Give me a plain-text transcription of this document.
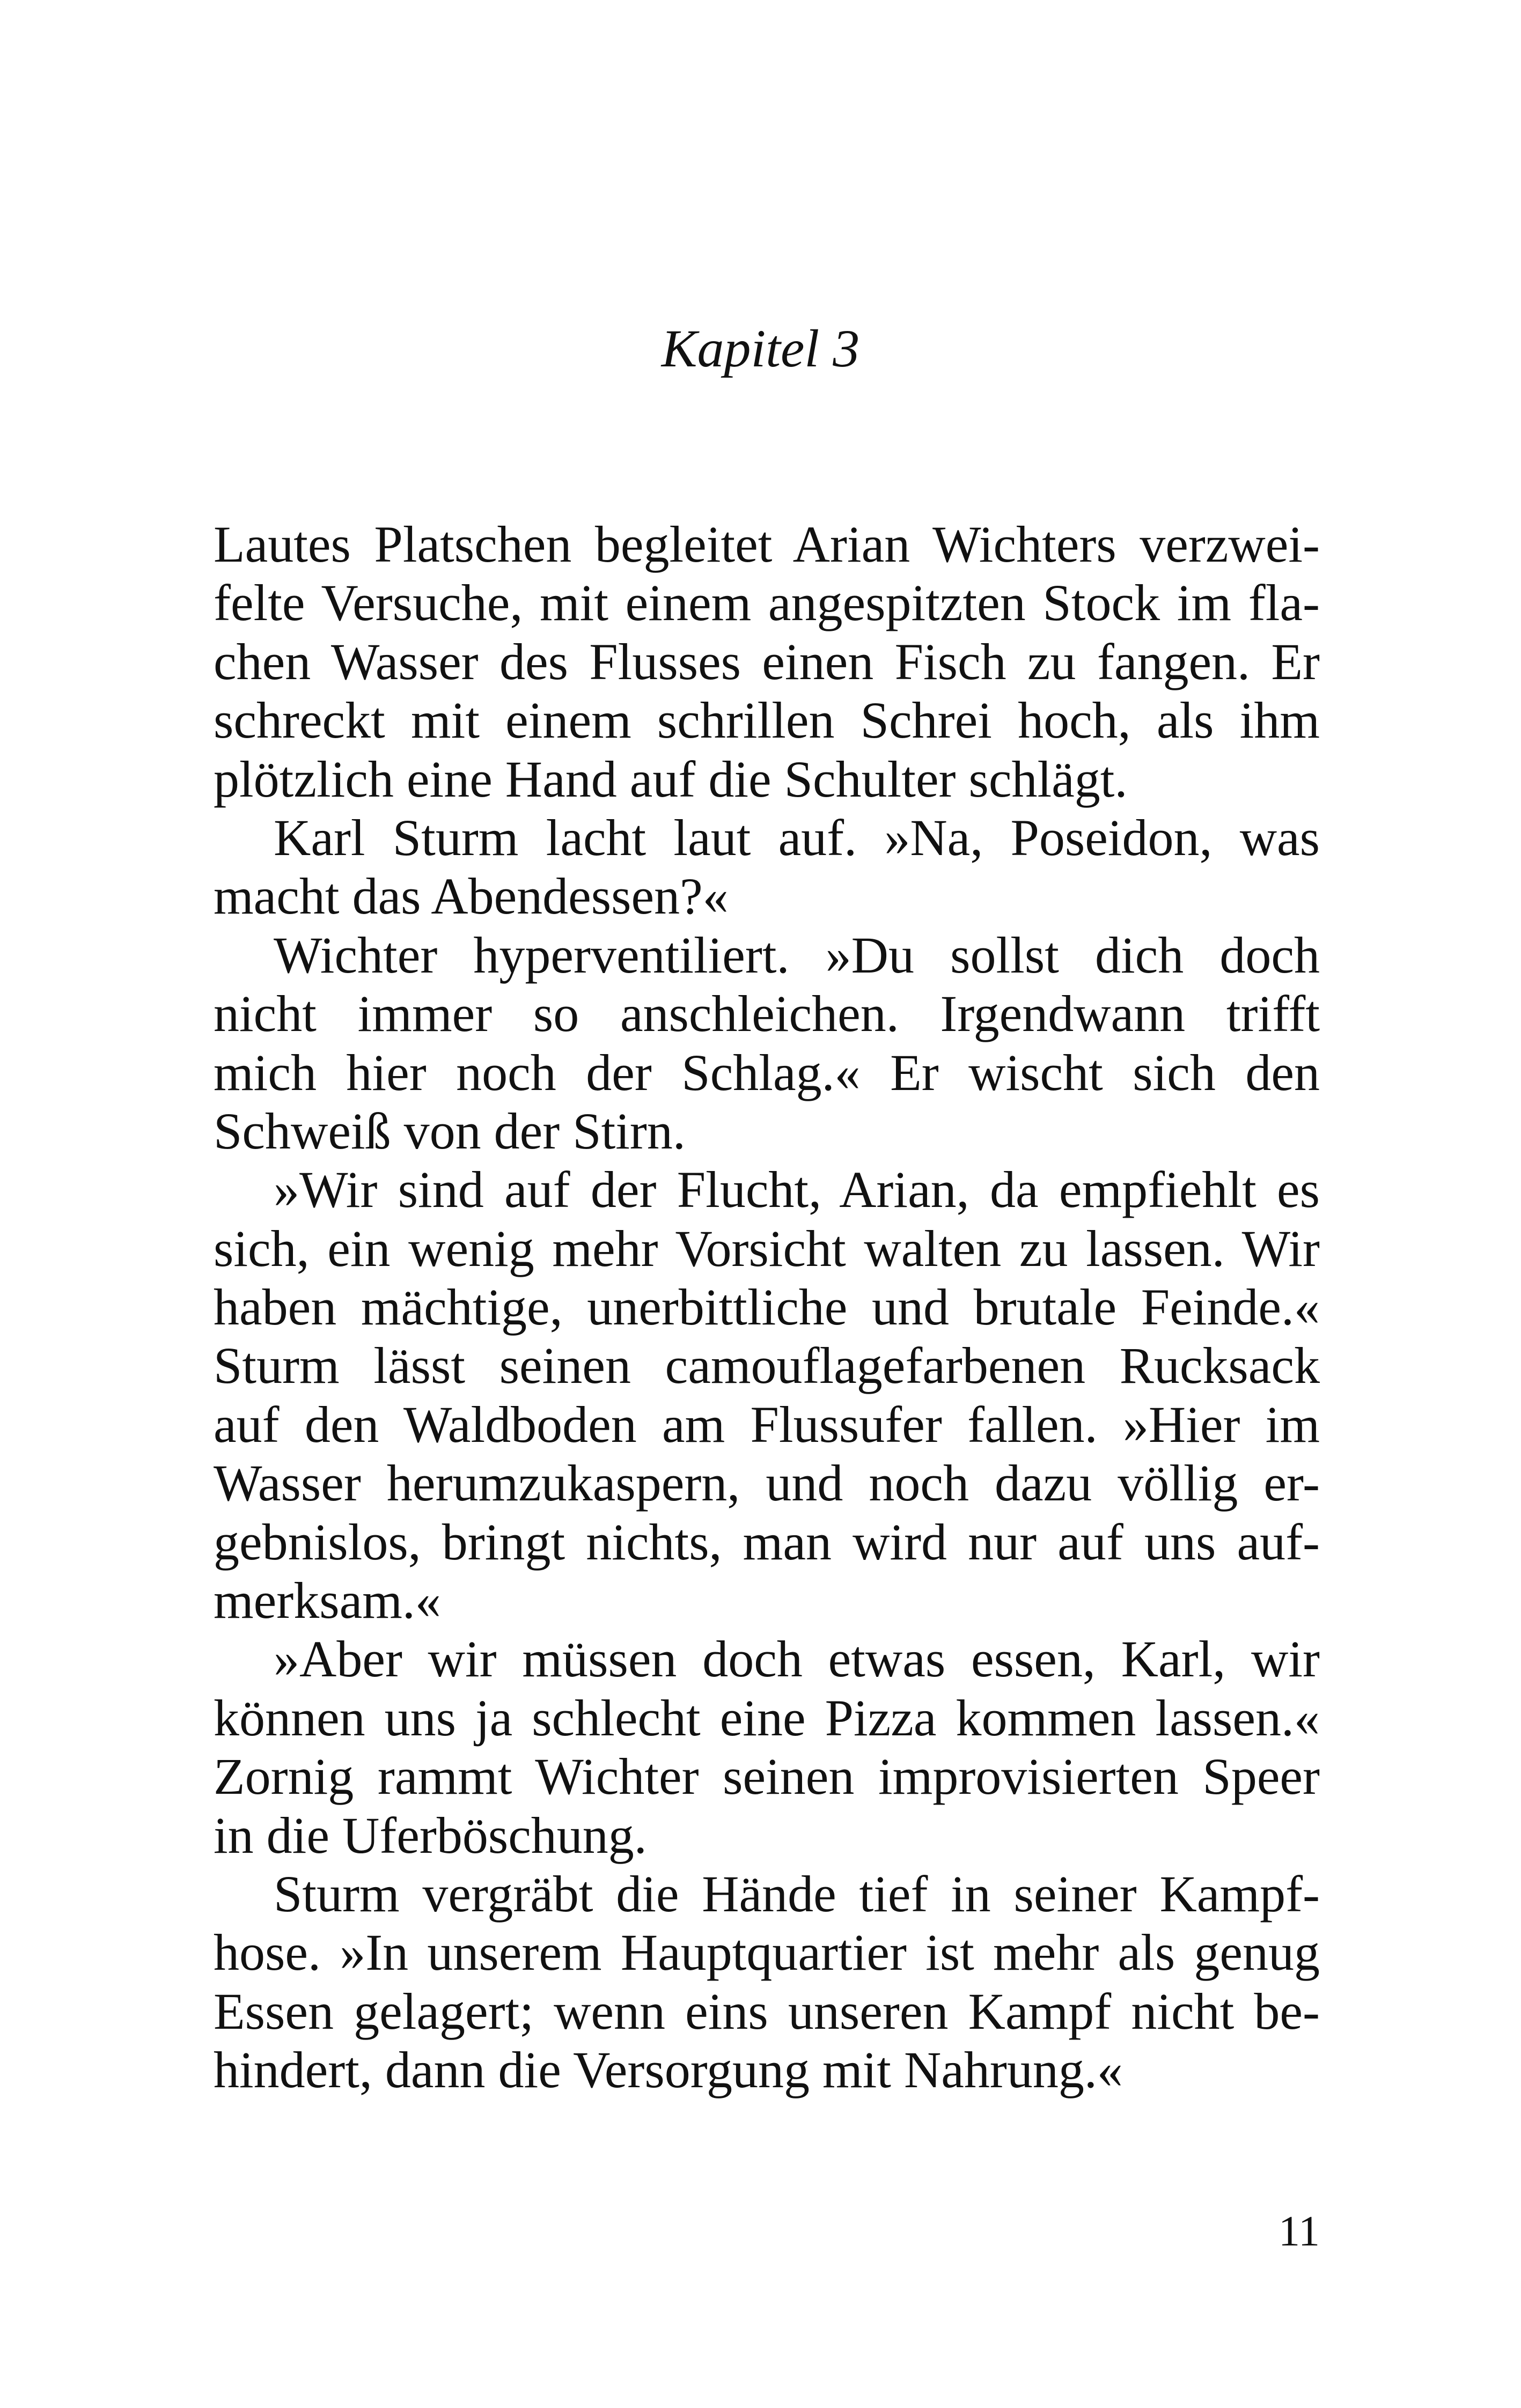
Kapitel 3
Lautes Platschen begleitet Arian Wichters verzwei-
felte Versuche, mit einem angespitzten Stock im fla-
chen Wasser des Flusses einen Fisch zu fangen. Er
schreckt mit einem schrillen Schrei hoch, als ihm
plötzlich eine Hand auf die Schulter schlägt.
Karl Sturm lacht laut auf. »Na, Poseidon, was
macht das Abendessen?«
Wichter hyperventiliert. »Du sollst dich doch
nicht immer so anschleichen. Irgendwann trifft
mich hier noch der Schlag.« Er wischt sich den
Schweiß von der Stirn.
»Wir sind auf der Flucht, Arian, da empfiehlt es
sich, ein wenig mehr Vorsicht walten zu lassen. Wir
haben mächtige, unerbittliche und brutale Feinde.«
Sturm lässt seinen camouflagefarbenen Rucksack
auf den Waldboden am Flussufer fallen. »Hier im
Wasser herumzukaspern, und noch dazu völlig er-
gebnislos, bringt nichts, man wird nur auf uns auf-
merksam.«
»Aber wir müssen doch etwas essen, Karl, wir
können uns ja schlecht eine Pizza kommen lassen.«
Zornig rammt Wichter seinen improvisierten Speer
in die Uferböschung.
Sturm vergräbt die Hände tief in seiner Kampf-
hose. »In unserem Hauptquartier ist mehr als genug
Essen gelagert; wenn eins unseren Kampf nicht be-
hindert, dann die Versorgung mit Nahrung.«
11
